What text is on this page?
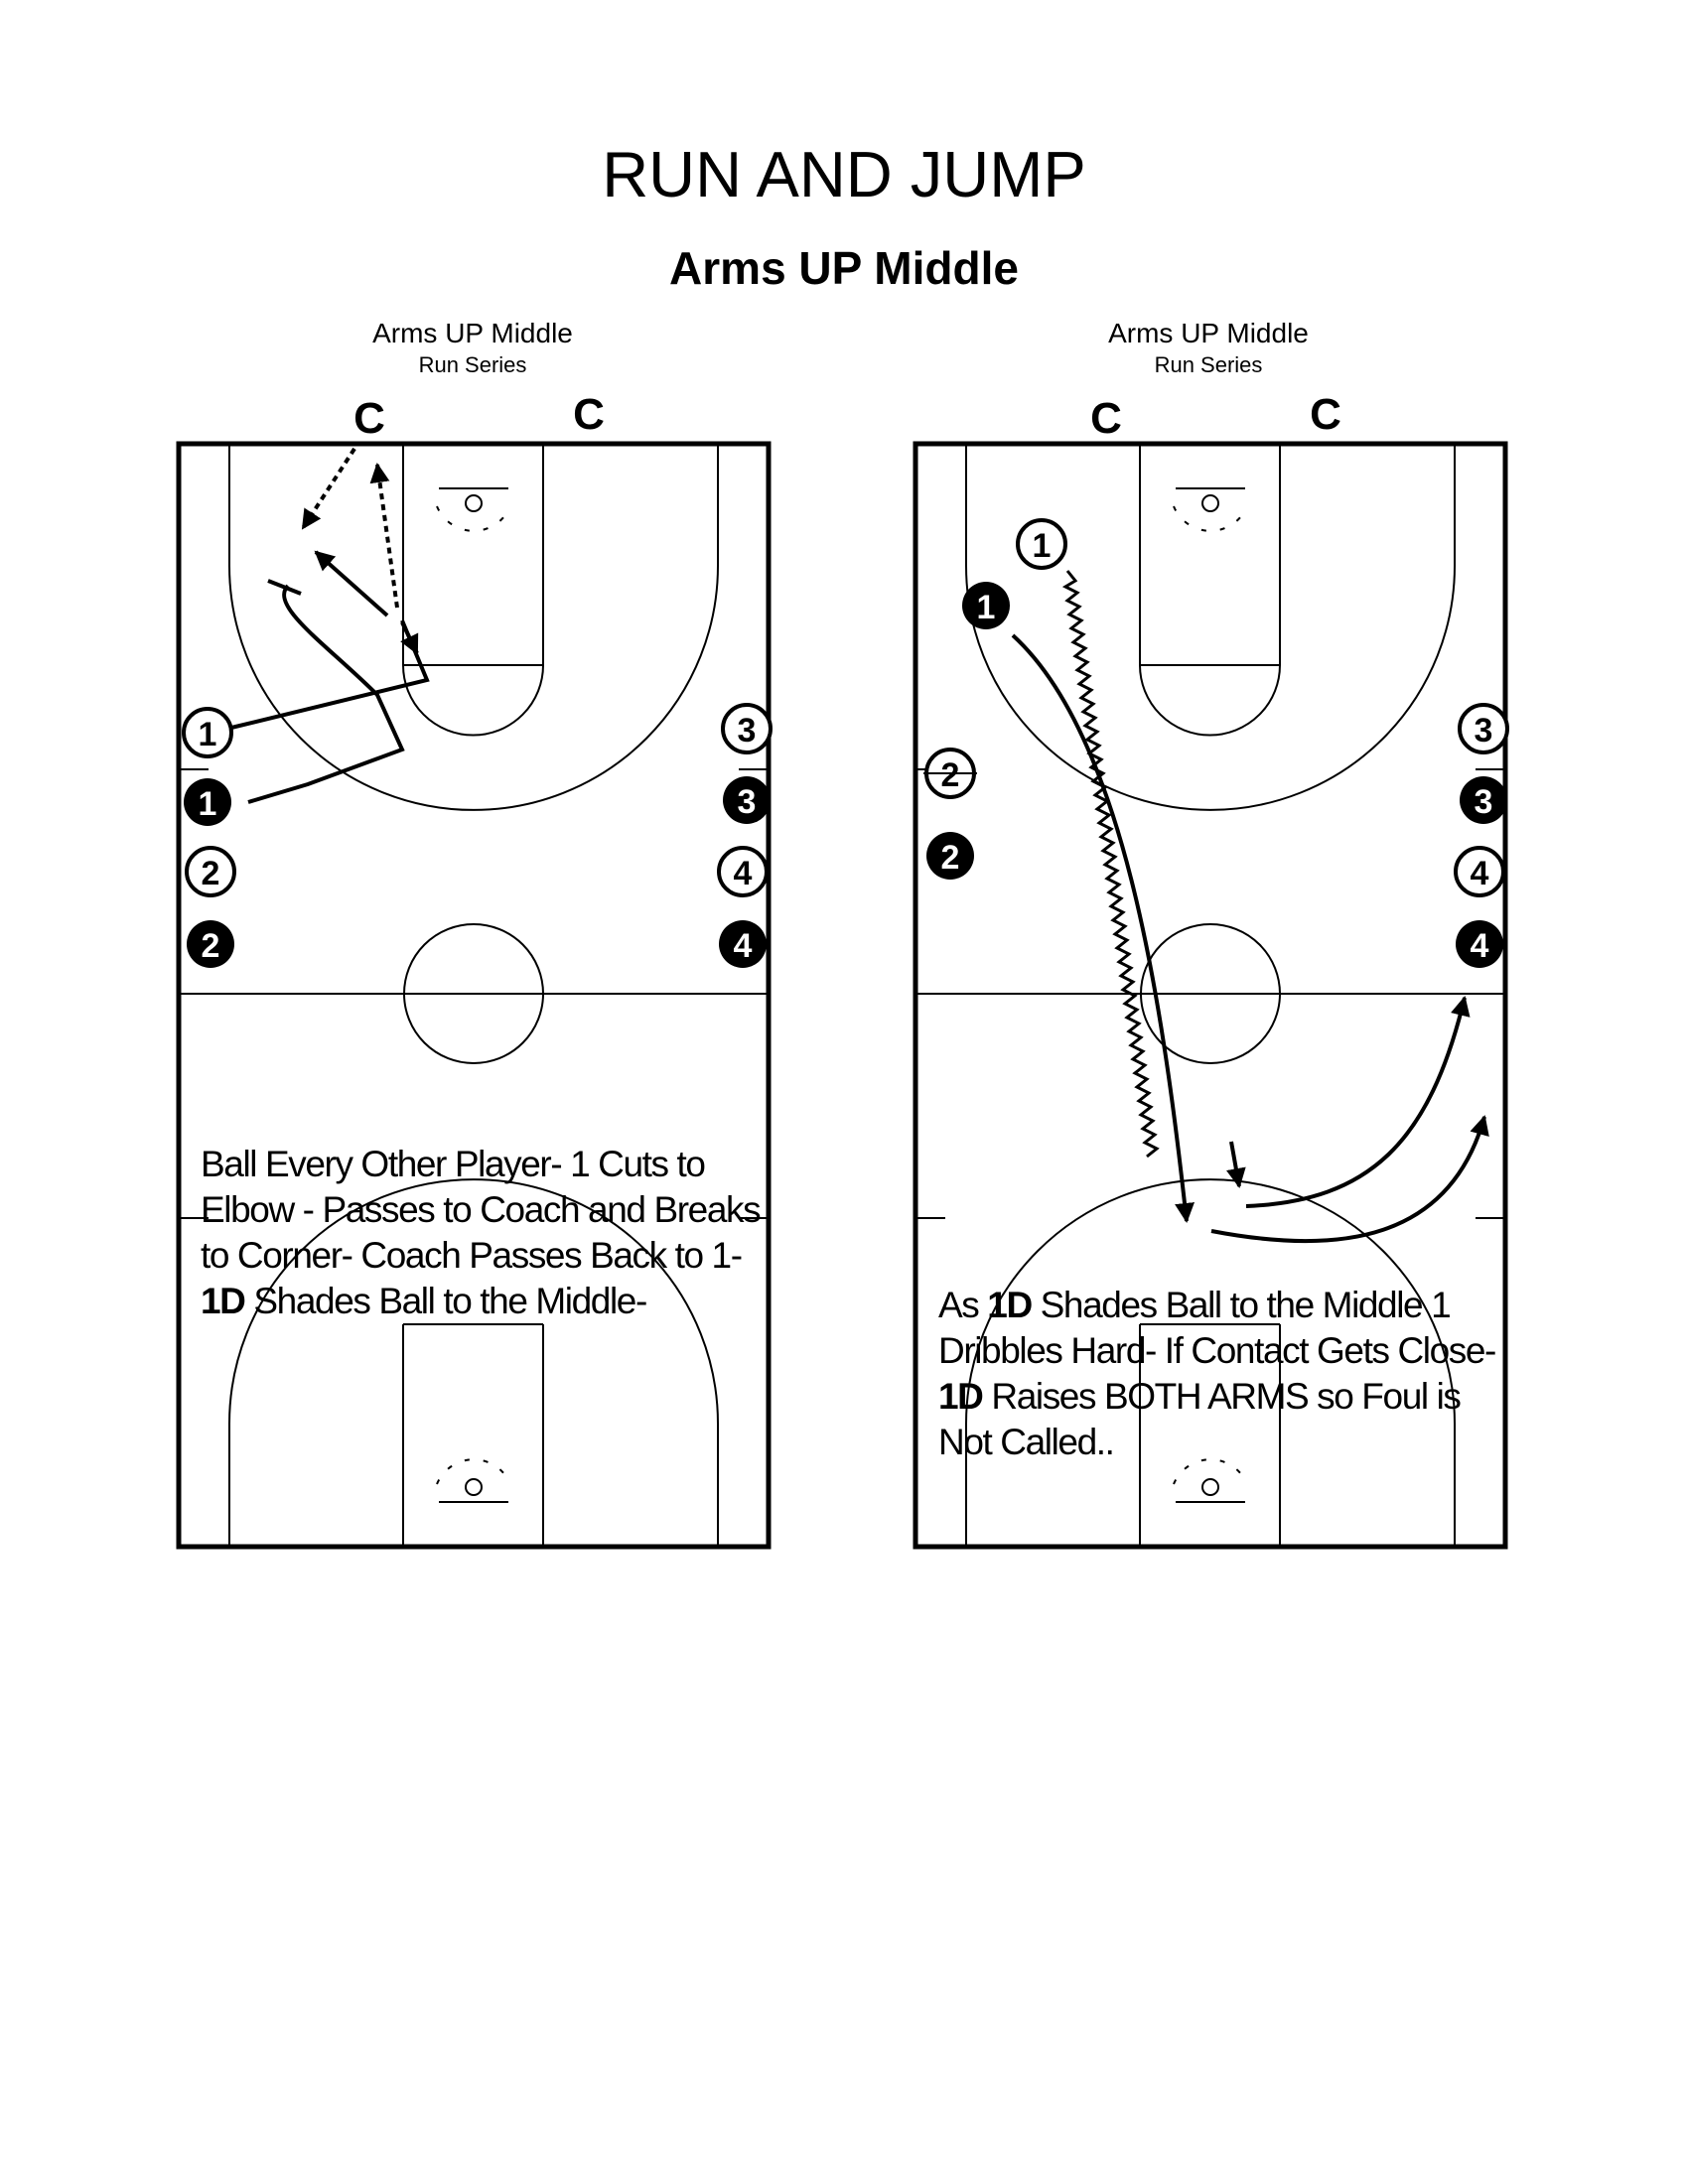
RUN AND JUMP
Arms UP Middle
Arms UP Middle
Run Series
C	C
Arms UP Middle
Run Series
C	C
1
1
2
2
3
3
4
4
1
1
2
2
3
3
4
4
Ball Every Other Player- 1 Cuts to Elbow - Passes to Coach and Breaks to Corner- Coach Passes Back to 1- 1D Shades Ball to the Middle-	As 1D Shades Ball to the Middle 1 Dribbles Hard- If Contact Gets Close- 1D Raises BOTH ARMS so Foul is Not Called..
